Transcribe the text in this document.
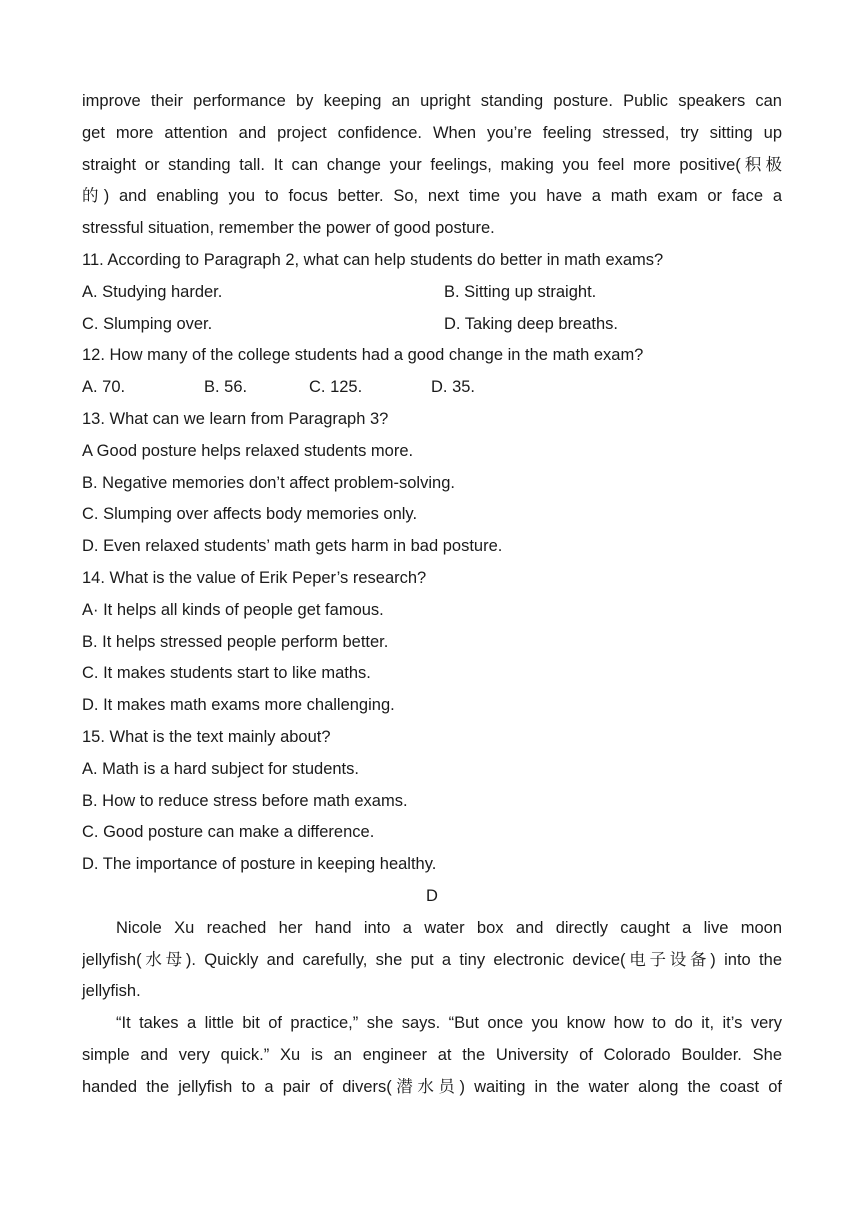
improve their performance by keeping an upright standing posture. Public speakers can
get more attention and project confidence. When you’re feeling stressed, try sitting up
straight or standing tall. It can change your feelings, making you feel more positive(积极
的) and enabling you to focus better. So, next time you have a math exam or face a
stressful situation, remember the power of good posture.
11. According to Paragraph 2, what can help students do better in math exams?
A. Studying harder.	B. Sitting up straight.
C. Slumping over.	D. Taking deep breaths.
12. How many of the college students had a good change in the math exam?
A. 70.	B. 56.	C. 125.	D. 35.
13. What can we learn from Paragraph 3?
A Good posture helps relaxed students more.
B. Negative memories don’t affect problem-solving.
C. Slumping over affects body memories only.
D. Even relaxed students’ math gets harm in bad posture.
14. What is the value of Erik Peper’s research?
A· It helps all kinds of people get famous.
B. It helps stressed people perform better.
C. It makes students start to like maths.
D. It makes math exams more challenging.
15. What is the text mainly about?
A. Math is a hard subject for students.
B. How to reduce stress before math exams.
C. Good posture can make a difference.
D. The importance of posture in keeping healthy.
D
Nicole Xu reached her hand into a water box and directly caught a live moon
jellyfish(水母). Quickly and carefully, she put a tiny electronic device(电子设备) into the
jellyfish.
“It takes a little bit of practice,” she says. “But once you know how to do it, it’s very
simple and very quick.” Xu is an engineer at the University of Colorado Boulder. She
handed the jellyfish to a pair of divers(潜水员) waiting in the water along the coast of
